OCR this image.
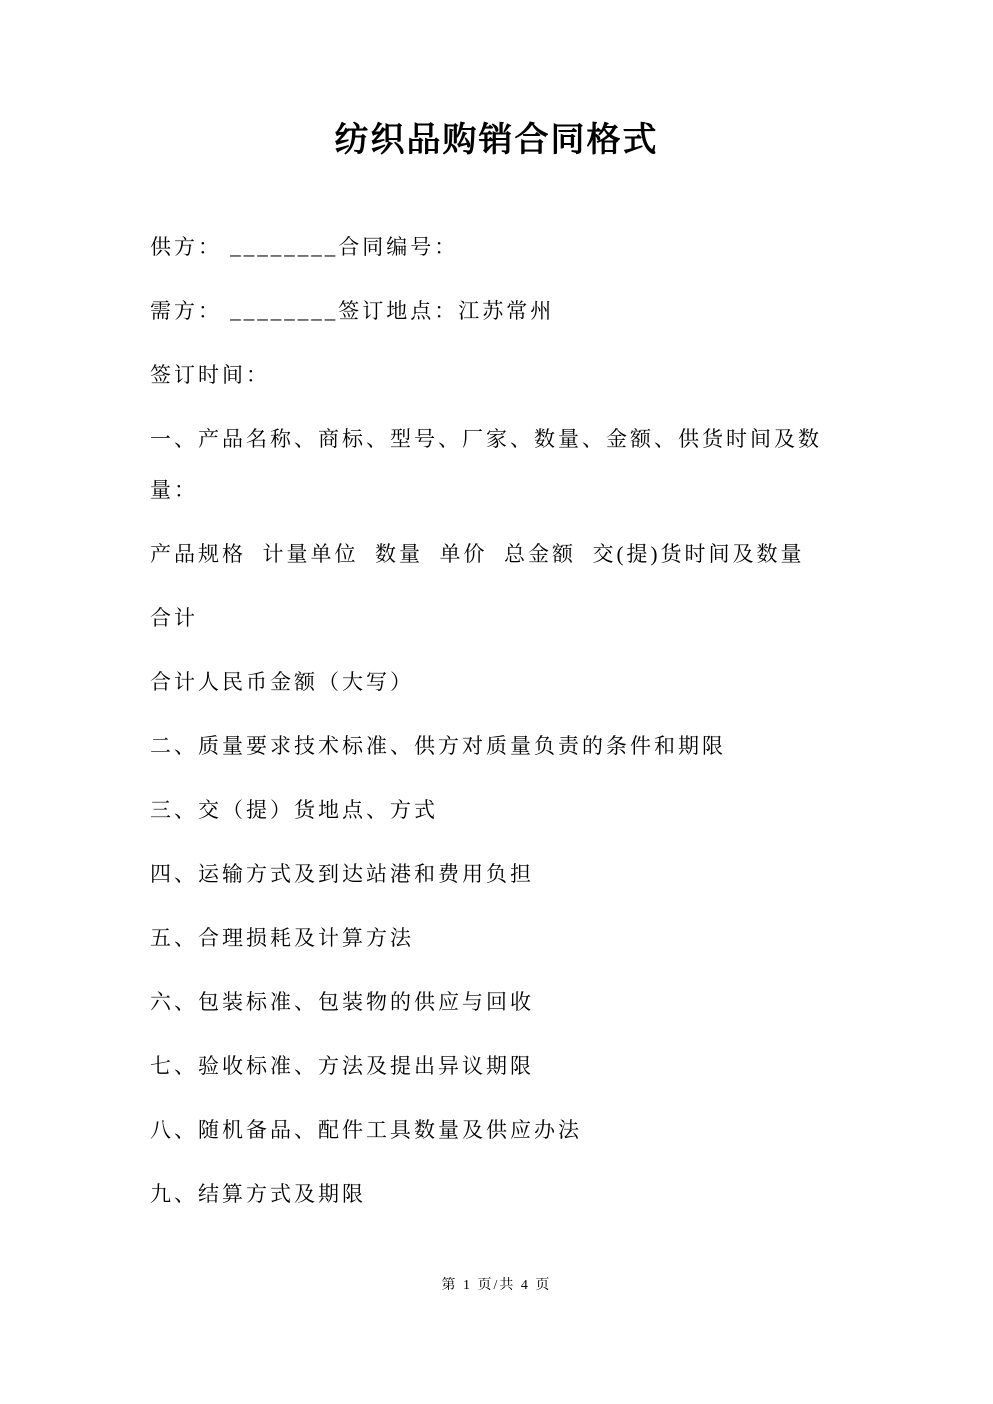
纺织品购销合同格式

供方： ________合同编号：

需方： ________签订地点：江苏常州

签订时间：

一、产品名称、商标、型号、厂家、数量、金额、供货时间及数
量：

产品规格  计量单位  数量  单价  总金额  交(提)货时间及数量

合计

合计人民币金额（大写）

二、质量要求技术标准、供方对质量负责的条件和期限

三、交（提）货地点、方式

四、运输方式及到达站港和费用负担

五、合理损耗及计算方法

六、包装标准、包装物的供应与回收

七、验收标准、方法及提出异议期限

八、随机备品、配件工具数量及供应办法

九、结算方式及期限

第 1 页/共 4 页
